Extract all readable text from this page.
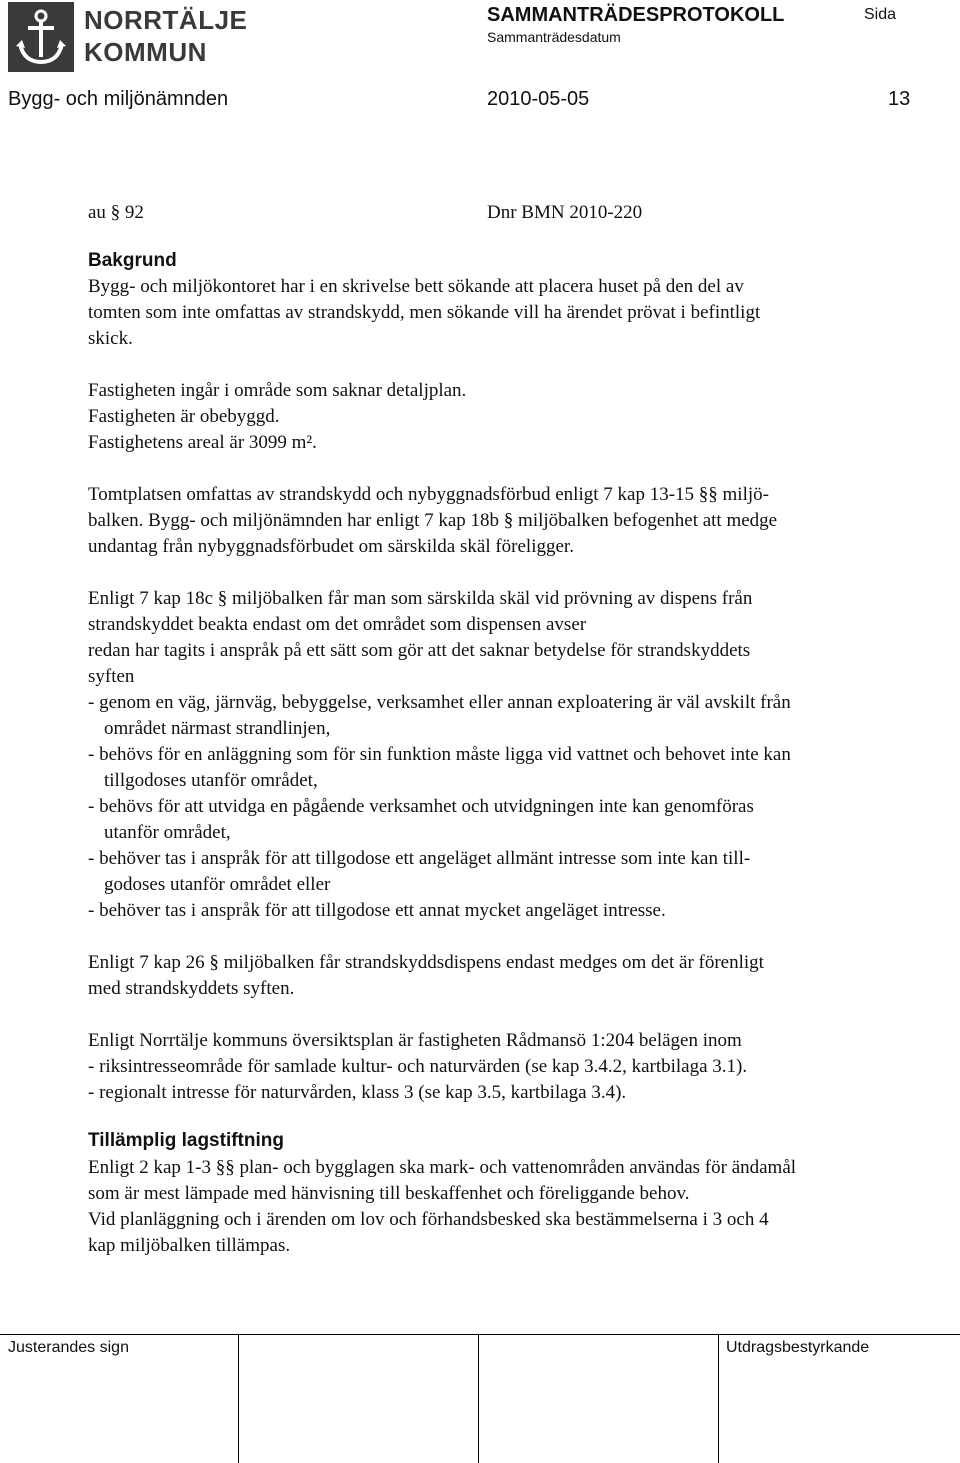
NORRTÄLJE
KOMMUN
SAMMANTRÄDESPROTOKOLL
Sammanträdesdatum
Sida
Bygg- och miljönämnden	2010-05-05	13
au § 92	Dnr BMN 2010-220
Bakgrund
Bygg- och miljökontoret har i en skrivelse bett sökande att placera huset på den del av
tomten som inte omfattas av strandskydd, men sökande vill ha ärendet prövat i befintligt
skick.
Fastigheten ingår i område som saknar detaljplan.
Fastigheten är obebyggd.
Fastighetens areal är 3099 m².
Tomtplatsen omfattas av strandskydd och nybyggnadsförbud enligt 7 kap 13-15 §§ miljö-
balken. Bygg- och miljönämnden har enligt 7 kap 18b § miljöbalken befogenhet att medge
undantag från nybyggnadsförbudet om särskilda skäl föreligger.
Enligt 7 kap 18c § miljöbalken får man som särskilda skäl vid prövning av dispens från
strandskyddet beakta endast om det området som dispensen avser
redan har tagits i anspråk på ett sätt som gör att det saknar betydelse för strandskyddets
syften
- genom en väg, järnväg, bebyggelse, verksamhet eller annan exploatering är väl avskilt från
området närmast strandlinjen,
- behövs för en anläggning som för sin funktion måste ligga vid vattnet och behovet inte kan
tillgodoses utanför området,
- behövs för att utvidga en pågående verksamhet och utvidgningen inte kan genomföras
utanför området,
- behöver tas i anspråk för att tillgodose ett angeläget allmänt intresse som inte kan till-
godoses utanför området eller
- behöver tas i anspråk för att tillgodose ett annat mycket angeläget intresse.
Enligt 7 kap 26 § miljöbalken får strandskyddsdispens endast medges om det är förenligt
med strandskyddets syften.
Enligt Norrtälje kommuns översiktsplan är fastigheten Rådmansö 1:204 belägen inom
- riksintresseområde för samlade kultur- och naturvärden (se kap 3.4.2, kartbilaga 3.1).
- regionalt intresse för naturvården, klass 3 (se kap 3.5, kartbilaga 3.4).
Tillämplig lagstiftning
Enligt 2 kap 1-3 §§ plan- och bygglagen ska mark- och vattenområden användas för ändamål
som är mest lämpade med hänvisning till beskaffenhet och föreliggande behov.
Vid planläggning och i ärenden om lov och förhandsbesked ska bestämmelserna i 3 och 4
kap miljöbalken tillämpas.
Justerandes sign	Utdragsbestyrkande
